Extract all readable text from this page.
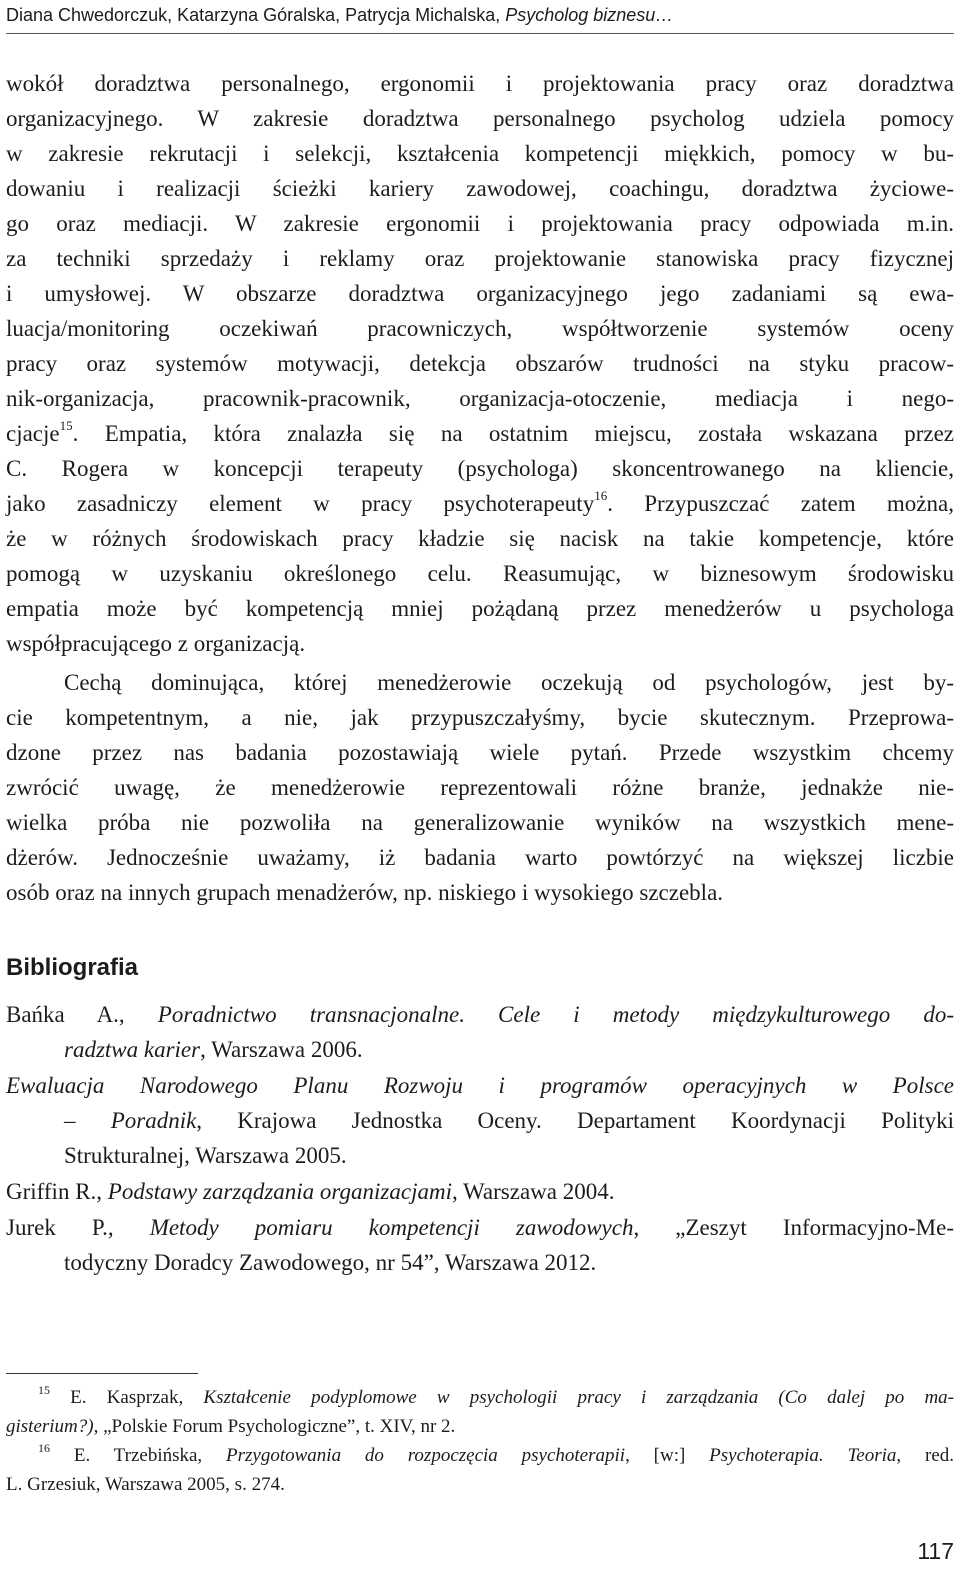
Diana Chwedorczuk, Katarzyna Góralska, Patrycja Michalska, Psycholog biznesu…
wokół doradztwa personalnego, ergonomii i projektowania pracy oraz doradztwa
organizacyjnego. W zakresie doradztwa personalnego psycholog udziela pomocy
w zakresie rekrutacji i selekcji, kształcenia kompetencji miękkich, pomocy w bu-
dowaniu i realizacji ścieżki kariery zawodowej, coachingu, doradztwa życiowe-
go oraz mediacji. W zakresie ergonomii i projektowania pracy odpowiada m.in.
za techniki sprzedaży i reklamy oraz projektowanie stanowiska pracy fizycznej
i umysłowej. W obszarze doradztwa organizacyjnego jego zadaniami są ewa-
luacja/monitoring oczekiwań pracowniczych, współtworzenie systemów oceny
pracy oraz systemów motywacji, detekcja obszarów trudności na styku pracow-
nik-organizacja, pracownik-pracownik, organizacja-otoczenie, mediacja i nego-
cjacje$^{15}$. Empatia, która znalazła się na ostatnim miejscu, została wskazana przez
C. Rogera w koncepcji terapeuty (psychologa) skoncentrowanego na kliencie,
jako zasadniczy element w pracy psychoterapeuty$^{16}$. Przypuszczać zatem można,
że w różnych środowiskach pracy kładzie się nacisk na takie kompetencje, które
pomogą w uzyskaniu określonego celu. Reasumując, w biznesowym środowisku
empatia może być kompetencją mniej pożądaną przez menedżerów u psychologa
współpracującego z organizacją.
Cechą dominująca, której menedżerowie oczekują od psychologów, jest by-
cie kompetentnym, a nie, jak przypuszczałyśmy, bycie skutecznym. Przeprowa-
dzone przez nas badania pozostawiają wiele pytań. Przede wszystkim chcemy
zwrócić uwagę, że menedżerowie reprezentowali różne branże, jednakże nie-
wielka próba nie pozwoliła na generalizowanie wyników na wszystkich mene-
dżerów. Jednocześnie uważamy, iż badania warto powtórzyć na większej liczbie
osób oraz na innych grupach menadżerów, np. niskiego i wysokiego szczebla.
Bibliografia
Bańka A., Poradnictwo transnacjonalne. Cele i metody międzykulturowego do-
radztwa karier, Warszawa 2006.
Ewaluacja Narodowego Planu Rozwoju i programów operacyjnych w Polsce
– Poradnik, Krajowa Jednostka Oceny. Departament Koordynacji Polityki
Strukturalnej, Warszawa 2005.
Griffin R., Podstawy zarządzania organizacjami, Warszawa 2004.
Jurek P., Metody pomiaru kompetencji zawodowych, „Zeszyt Informacyjno-Me-
todyczny Doradcy Zawodowego, nr 54”, Warszawa 2012.
$^{15}$ E. Kasprzak, Kształcenie podyplomowe w psychologii pracy i zarządzania (Co dalej po ma-
gisterium?), „Polskie Forum Psychologiczne”, t. XIV, nr 2.
$^{16}$ E. Trzebińska, Przygotowania do rozpoczęcia psychoterapii, [w:] Psychoterapia. Teoria, red.
L. Grzesiuk, Warszawa 2005, s. 274.
117
